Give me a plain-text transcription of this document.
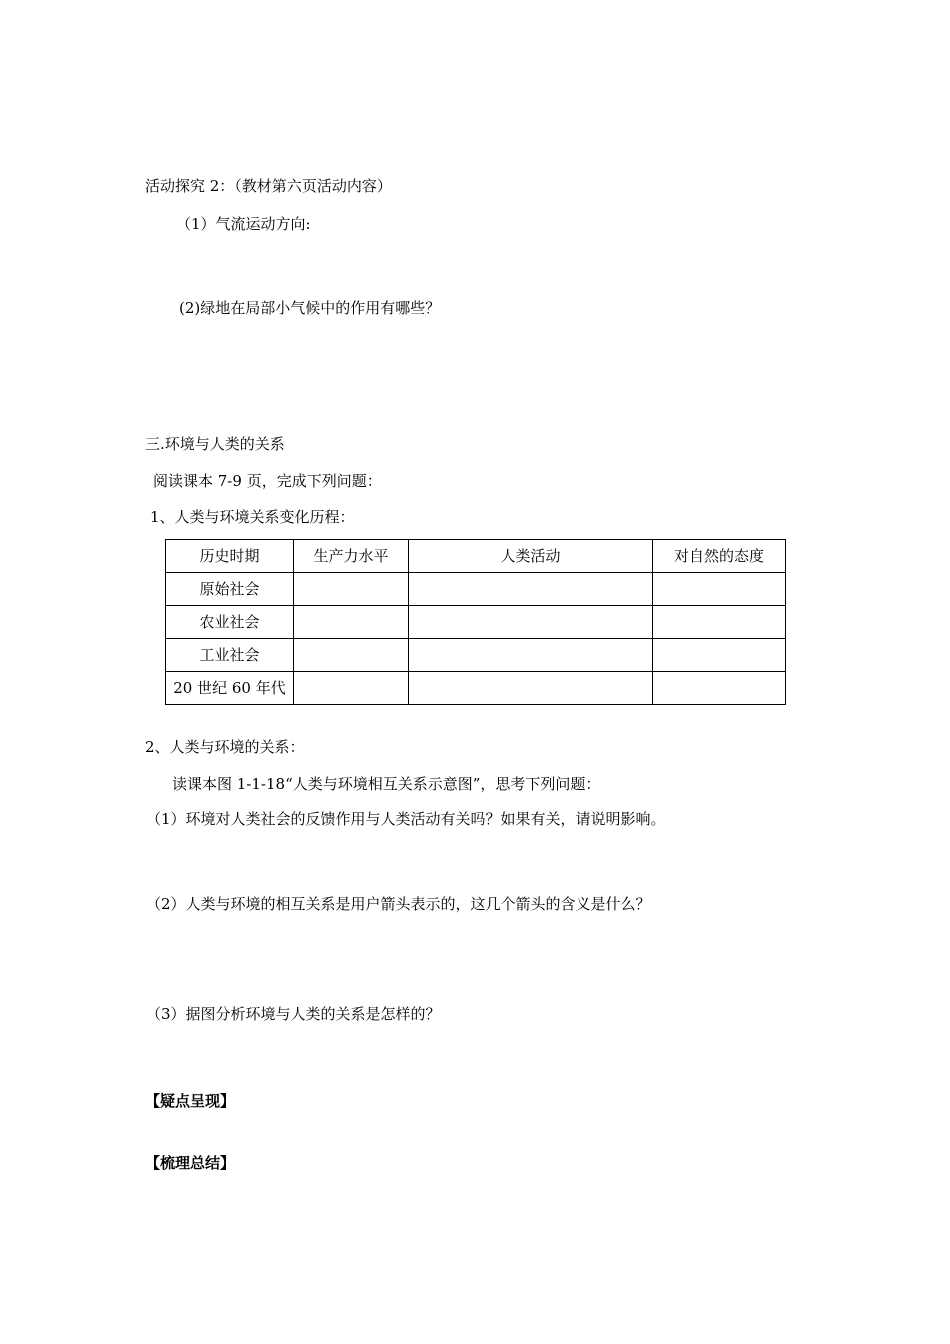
活动探究 2：（教材第六页活动内容）
（1）气流运动方向:
(2)绿地在局部小气候中的作用有哪些？
三.环境与人类的关系
阅读课本 7-9 页，完成下列问题：
1、人类与环境关系变化历程：
历史时期	生产力水平	人类活动	对自然的态度
原始社会			
农业社会			
工业社会			
20 世纪 60 年代			
2、人类与环境的关系：
读课本图 1-1-18“人类与环境相互关系示意图”，思考下列问题：
（1）环境对人类社会的反馈作用与人类活动有关吗？如果有关，请说明影响。
（2）人类与环境的相互关系是用户箭头表示的，这几个箭头的含义是什么？
（3）据图分析环境与人类的关系是怎样的？
【疑点呈现】
【梳理总结】
